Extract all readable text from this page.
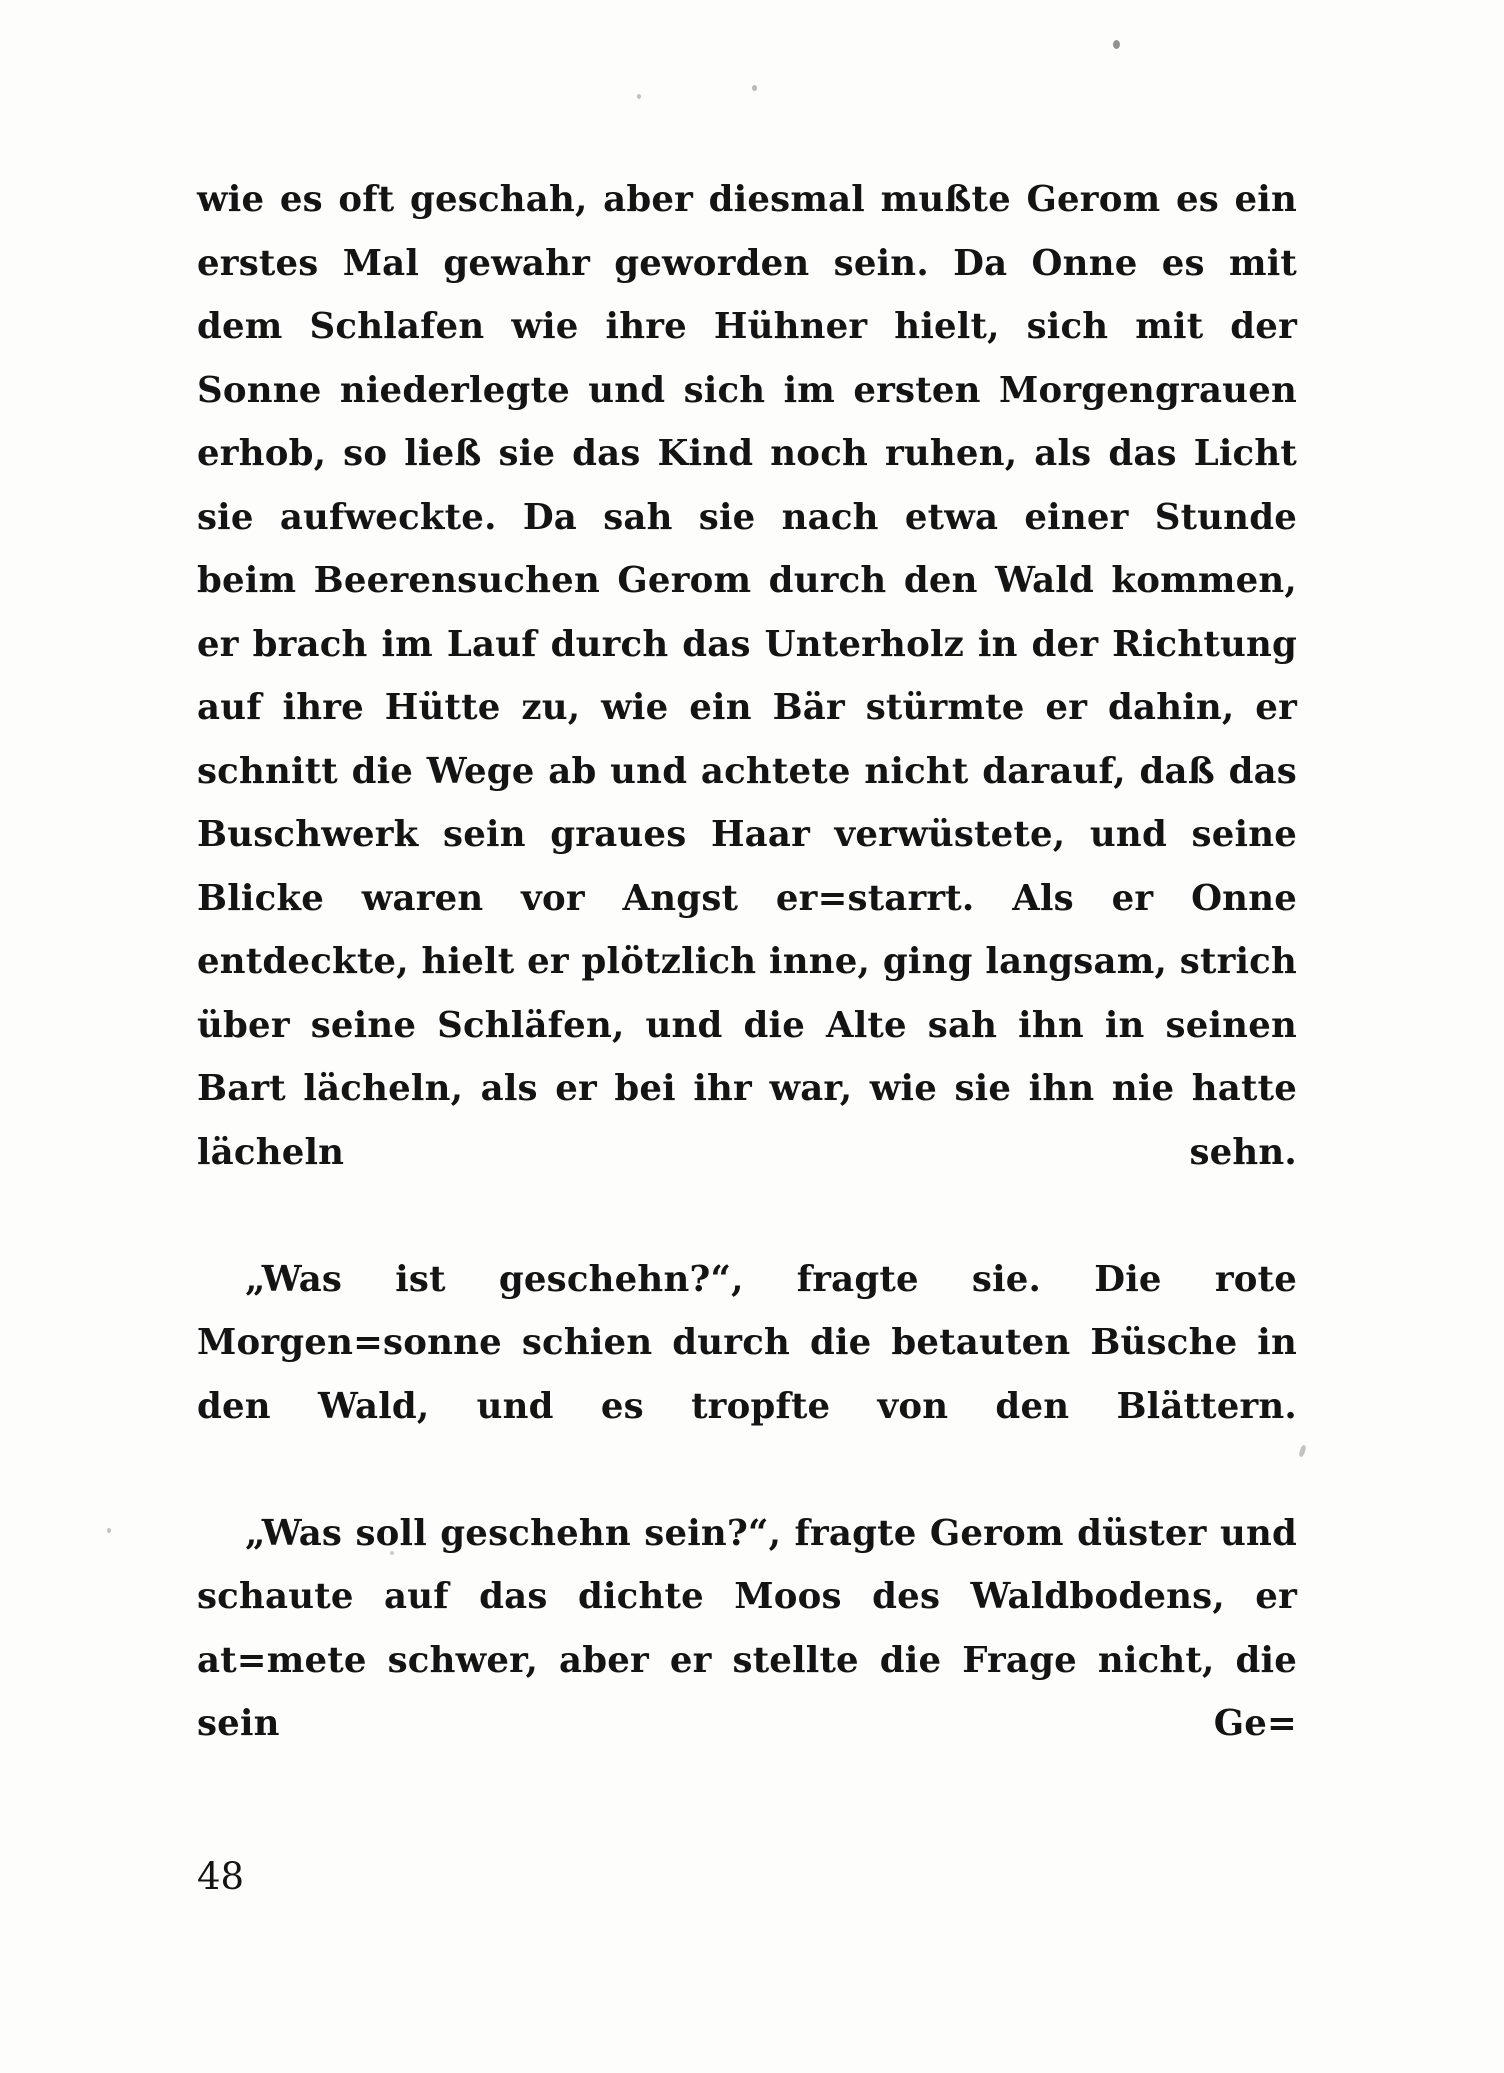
wie es oft geschah, aber diesmal mußte Gerom es ein erstes Mal gewahr geworden sein. Da Onne es mit dem Schlafen wie ihre Hühner hielt, sich mit der Sonne niederlegte und sich im ersten Morgengrauen erhob, so ließ sie das Kind noch ruhen, als das Licht sie aufweckte. Da sah sie nach etwa einer Stunde beim Beerensuchen Gerom durch den Wald kommen, er brach im Lauf durch das Unterholz in der Richtung auf ihre Hütte zu, wie ein Bär stürmte er dahin, er schnitt die Wege ab und achtete nicht darauf, daß das Buschwerk sein graues Haar verwüstete, und seine Blicke waren vor Angst er=starrt. Als er Onne entdeckte, hielt er plötzlich inne, ging langsam, strich über seine Schläfen, und die Alte sah ihn in seinen Bart lächeln, als er bei ihr war, wie sie ihn nie hatte lächeln sehn.

„Was ist geschehn?“, fragte sie. Die rote Morgen=sonne schien durch die betauten Büsche in den Wald, und es tropfte von den Blättern.

„Was soll geschehn sein?“, fragte Gerom düster und schaute auf das dichte Moos des Waldbodens, er at=mete schwer, aber er stellte die Frage nicht, die sein Ge=

48
